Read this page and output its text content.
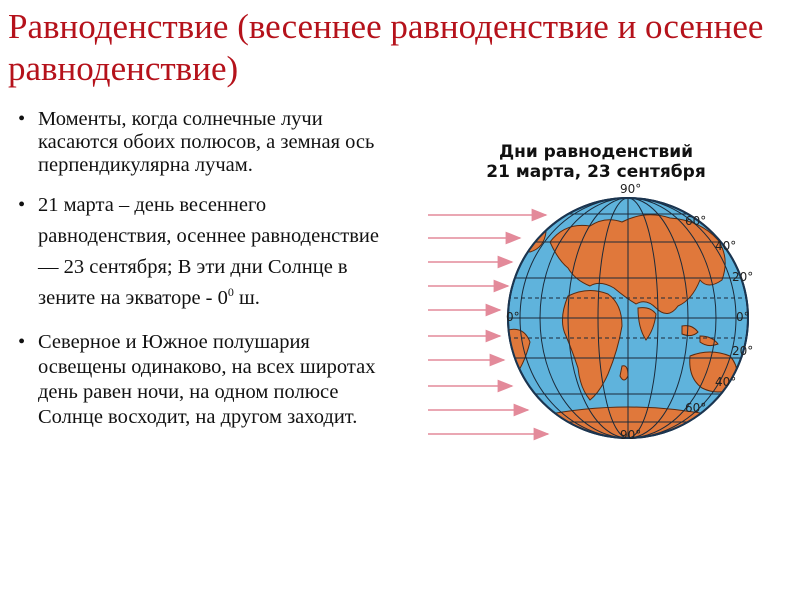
Равноденствие (весеннее равноденствие и осеннее равноденствие)
• Моменты, когда солнечные лучи касаются обоих полюсов, а земная ось перпендикулярна лучам.
• 21 марта – день весеннего равноденствия, осеннее равноденствие — 23 сентября; В эти дни Солнце в зените на экваторе - $0^0$ ш.
• Северное и Южное полушария освещены одинаково, на всех широтах день равен ночи, на одном полюсе Солнце восходит, на другом заходит.
Дни равноденствий
21 марта, 23 сентября
90°
60°
40°
20°
0°
0°
20°
40°
60°
90°
